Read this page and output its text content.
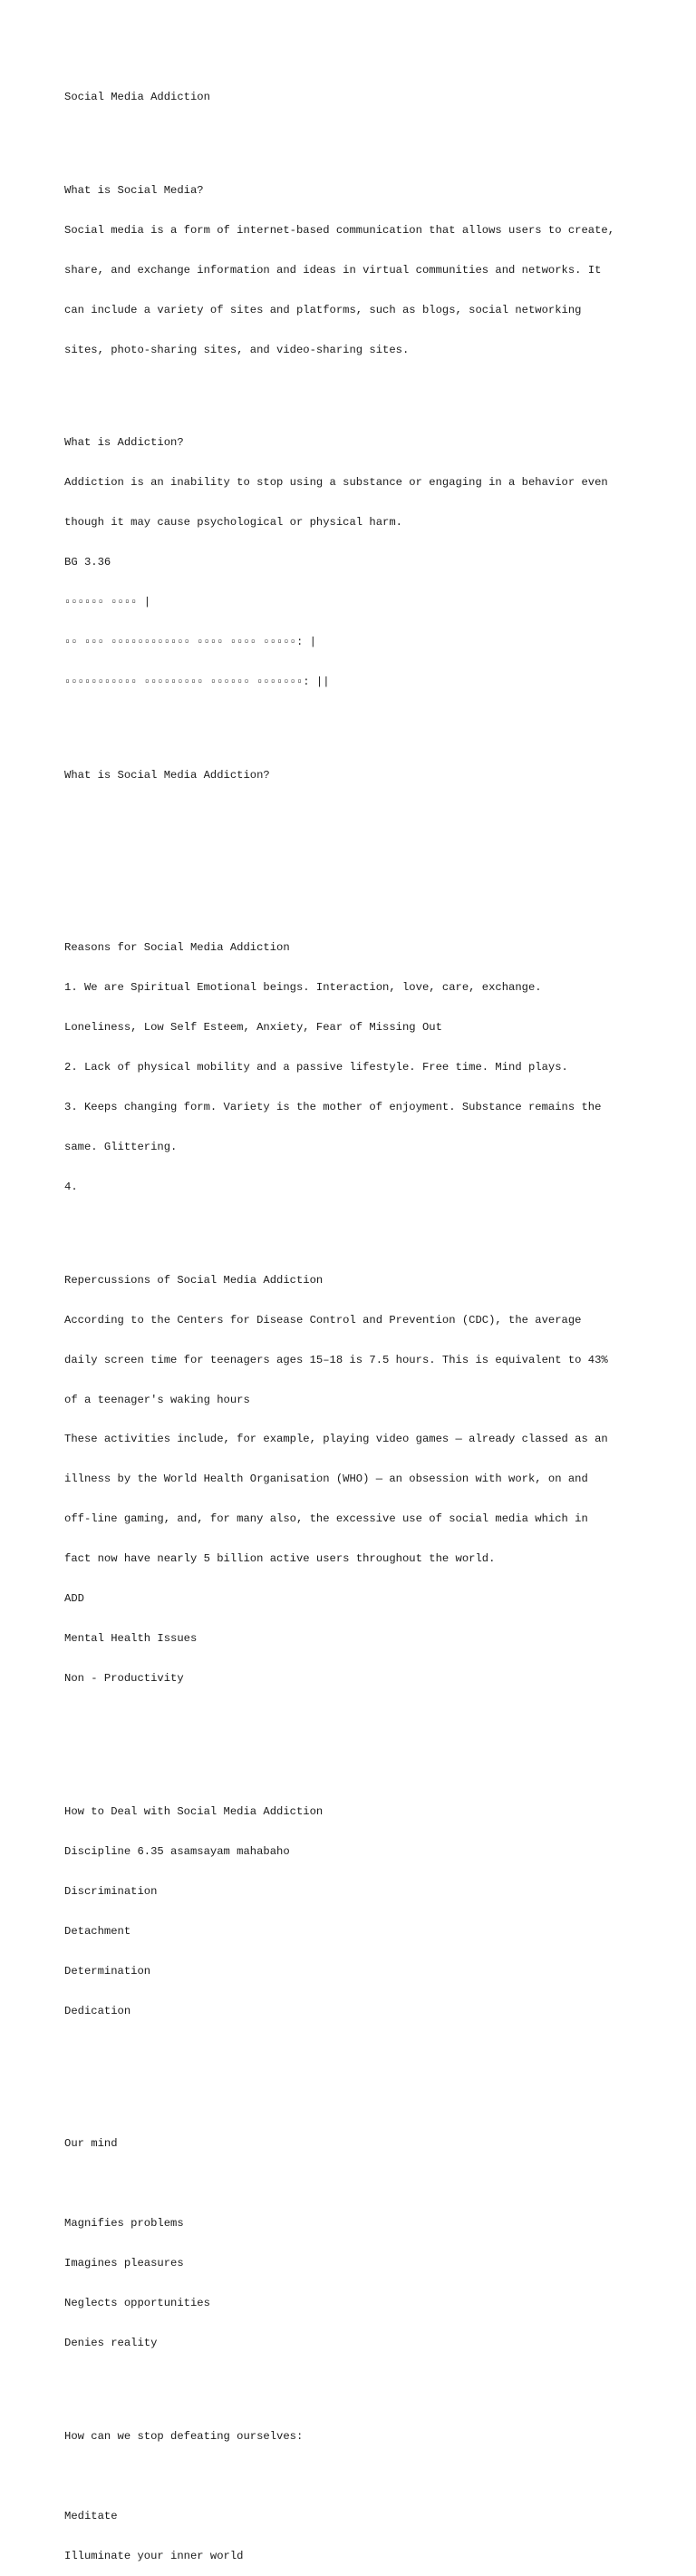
Social Media Addiction

What is Social Media?

Social media is a form of internet-based communication that allows users to create,

share, and exchange information and ideas in virtual communities and networks. It

can include a variety of sites and platforms, such as blogs, social networking

sites, photo-sharing sites, and video-sharing sites.

What is Addiction?

Addiction is an inability to stop using a substance or engaging in a behavior even

though it may cause psychological or physical harm.

BG 3.36

▫▫▫▫▫▫ ▫▫▫▫ |

▫▫ ▫▫▫ ▫▫▫▫▫▫▫▫▫▫▫▫ ▫▫▫▫ ▫▫▫▫ ▫▫▫▫▫: |

▫▫▫▫▫▫▫▫▫▫▫ ▫▫▫▫▫▫▫▫▫ ▫▫▫▫▫▫ ▫▫▫▫▫▫▫: ||

What is Social Media Addiction?

Reasons for Social Media Addiction

1. We are Spiritual Emotional beings. Interaction, love, care, exchange.

Loneliness, Low Self Esteem, Anxiety, Fear of Missing Out

2. Lack of physical mobility and a passive lifestyle. Free time. Mind plays.

3. Keeps changing form. Variety is the mother of enjoyment. Substance remains the

same. Glittering.

4.

Repercussions of Social Media Addiction

According to the Centers for Disease Control and Prevention (CDC), the average

daily screen time for teenagers ages 15–18 is 7.5 hours. This is equivalent to 43%

of a teenager's waking hours

These activities include, for example, playing video games — already classed as an

illness by the World Health Organisation (WHO) — an obsession with work, on and

off-line gaming, and, for many also, the excessive use of social media which in

fact now have nearly 5 billion active users throughout the world.

ADD

Mental Health Issues

Non - Productivity

How to Deal with Social Media Addiction

Discipline 6.35 asamsayam mahabaho

Discrimination

Detachment

Determination

Dedication

Our mind

Magnifies problems

Imagines pleasures

Neglects opportunities

Denies reality

How can we stop defeating ourselves:

Meditate

Illuminate your inner world
